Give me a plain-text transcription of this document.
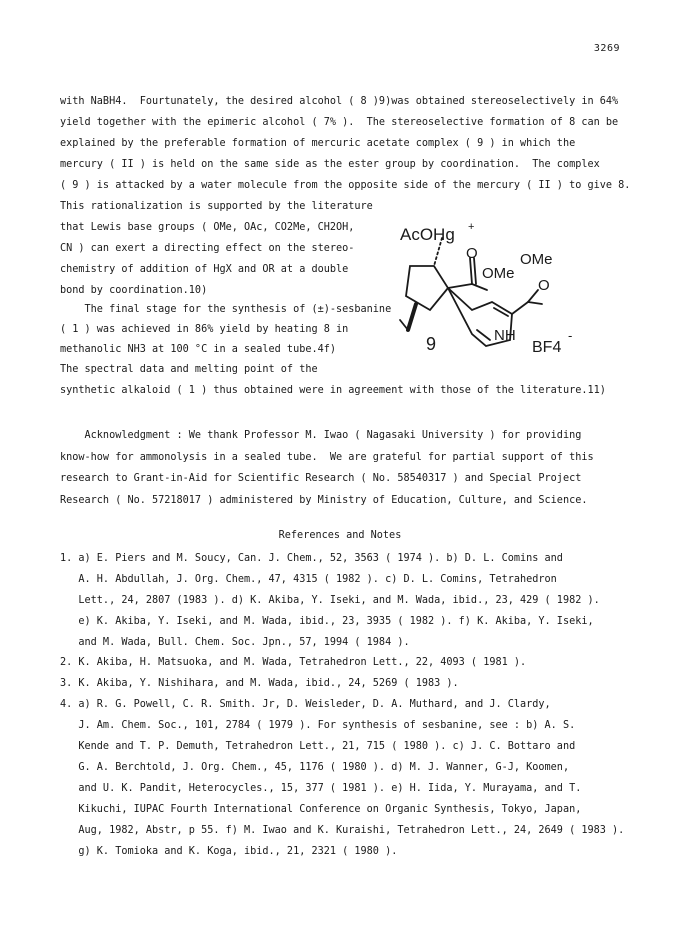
3269
with NaBH4.  Fourtunately, the desired alcohol ( 8 )9)was obtained stereoselectively in 64%
yield together with the epimeric alcohol ( 7% ).  The stereoselective formation of 8 can be
explained by the preferable formation of mercuric acetate complex ( 9 ) in which the
mercury ( II ) is held on the same side as the ester group by coordination.  The complex
( 9 ) is attacked by a water molecule from the opposite side of the mercury ( II ) to give 8.
This rationalization is supported by the literature
that Lewis base groups ( OMe, OAc, CO2Me, CH2OH,
CN ) can exert a directing effect on the stereo-
chemistry of addition of HgX and OR at a double
bond by coordination.10)
The final stage for the synthesis of (±)-sesbanine
( 1 ) was achieved in 86% yield by heating 8 in
methanolic NH3 at 100 °C in a sealed tube.4f)
The spectral data and melting point of the
synthetic alkaloid ( 1 ) thus obtained were in agreement with those of the literature.11)
AcOHg +
O
OMe
OMe
O
NH
BF4
-
9
Acknowledgment : We thank Professor M. Iwao ( Nagasaki University ) for providing
know-how for ammonolysis in a sealed tube.  We are grateful for partial support of this
research to Grant-in-Aid for Scientific Research ( No. 58540317 ) and Special Project
Research ( No. 57218017 ) administered by Ministry of Education, Culture, and Science.
References and Notes
1. a) E. Piers and M. Soucy, Can. J. Chem., 52, 3563 ( 1974 ). b) D. L. Comins and
A. H. Abdullah, J. Org. Chem., 47, 4315 ( 1982 ). c) D. L. Comins, Tetrahedron
Lett., 24, 2807 (1983 ). d) K. Akiba, Y. Iseki, and M. Wada, ibid., 23, 429 ( 1982 ).
e) K. Akiba, Y. Iseki, and M. Wada, ibid., 23, 3935 ( 1982 ). f) K. Akiba, Y. Iseki,
and M. Wada, Bull. Chem. Soc. Jpn., 57, 1994 ( 1984 ).
2. K. Akiba, H. Matsuoka, and M. Wada, Tetrahedron Lett., 22, 4093 ( 1981 ).
3. K. Akiba, Y. Nishihara, and M. Wada, ibid., 24, 5269 ( 1983 ).
4. a) R. G. Powell, C. R. Smith. Jr, D. Weisleder, D. A. Muthard, and J. Clardy,
J. Am. Chem. Soc., 101, 2784 ( 1979 ). For synthesis of sesbanine, see : b) A. S.
Kende and T. P. Demuth, Tetrahedron Lett., 21, 715 ( 1980 ). c) J. C. Bottaro and
G. A. Berchtold, J. Org. Chem., 45, 1176 ( 1980 ). d) M. J. Wanner, G-J, Koomen,
and U. K. Pandit, Heterocycles., 15, 377 ( 1981 ). e) H. Iida, Y. Murayama, and T.
Kikuchi, IUPAC Fourth International Conference on Organic Synthesis, Tokyo, Japan,
Aug, 1982, Abstr, p 55. f) M. Iwao and K. Kuraishi, Tetrahedron Lett., 24, 2649 ( 1983 ).
g) K. Tomioka and K. Koga, ibid., 21, 2321 ( 1980 ).
